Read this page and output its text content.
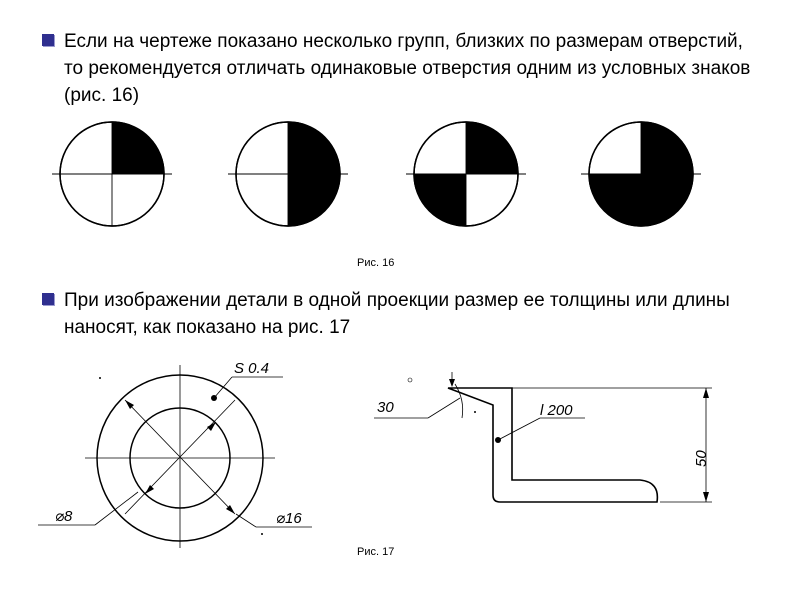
Если на чертеже показано несколько групп, близких по размерам отверстий, то рекомендуется отличать одинаковые отверстия одним из условных знаков (рис. 16)
Рис. 16
При изображении детали в одной проекции размер ее толщины или длины наносят, как показано на рис. 17
S 0.4
⌀8	⌀16
30	l 200
50
Рис. 17
